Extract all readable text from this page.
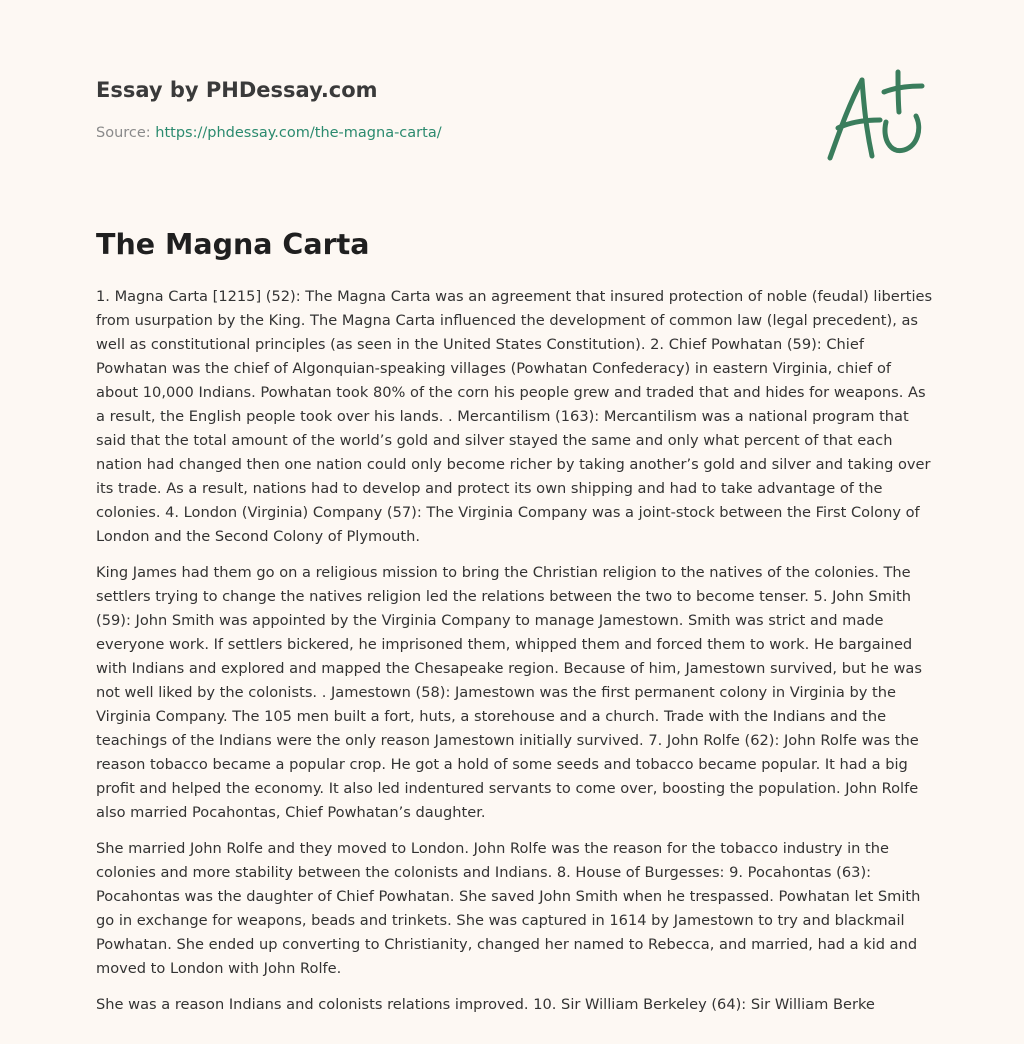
Essay by PHDessay.com
Source: https://phdessay.com/the-magna-carta/
The Magna Carta

1. Magna Carta [1215] (52): The Magna Carta was an agreement that insured protection of noble (feudal) liberties from usurpation by the King. The Magna Carta influenced the development of common law (legal precedent), as well as constitutional principles (as seen in the United States Constitution). 2. Chief Powhatan (59): Chief Powhatan was the chief of Algonquian-speaking villages (Powhatan Confederacy) in eastern Virginia, chief of about 10,000 Indians. Powhatan took 80% of the corn his people grew and traded that and hides for weapons. As a result, the English people took over his lands. . Mercantilism (163): Mercantilism was a national program that said that the total amount of the world’s gold and silver stayed the same and only what percent of that each nation had changed then one nation could only become richer by taking another’s gold and silver and taking over its trade. As a result, nations had to develop and protect its own shipping and had to take advantage of the colonies. 4. London (Virginia) Company (57): The Virginia Company was a joint-stock between the First Colony of London and the Second Colony of Plymouth.

King James had them go on a religious mission to bring the Christian religion to the natives of the colonies. The settlers trying to change the natives religion led the relations between the two to become tenser. 5. John Smith (59): John Smith was appointed by the Virginia Company to manage Jamestown. Smith was strict and made everyone work. If settlers bickered, he imprisoned them, whipped them and forced them to work. He bargained with Indians and explored and mapped the Chesapeake region. Because of him, Jamestown survived, but he was not well liked by the colonists. . Jamestown (58): Jamestown was the first permanent colony in Virginia by the Virginia Company. The 105 men built a fort, huts, a storehouse and a church. Trade with the Indians and the teachings of the Indians were the only reason Jamestown initially survived. 7. John Rolfe (62): John Rolfe was the reason tobacco became a popular crop. He got a hold of some seeds and tobacco became popular. It had a big profit and helped the economy. It also led indentured servants to come over, boosting the population. John Rolfe also married Pocahontas, Chief Powhatan’s daughter.

She married John Rolfe and they moved to London. John Rolfe was the reason for the tobacco industry in the colonies and more stability between the colonists and Indians. 8. House of Burgesses: 9. Pocahontas (63): Pocahontas was the daughter of Chief Powhatan. She saved John Smith when he trespassed. Powhatan let Smith go in exchange for weapons, beads and trinkets. She was captured in 1614 by Jamestown to try and blackmail Powhatan. She ended up converting to Christianity, changed her named to Rebecca, and married, had a kid and moved to London with John Rolfe.

She was a reason Indians and colonists relations improved. 10. Sir William Berkeley (64): Sir William Berke
